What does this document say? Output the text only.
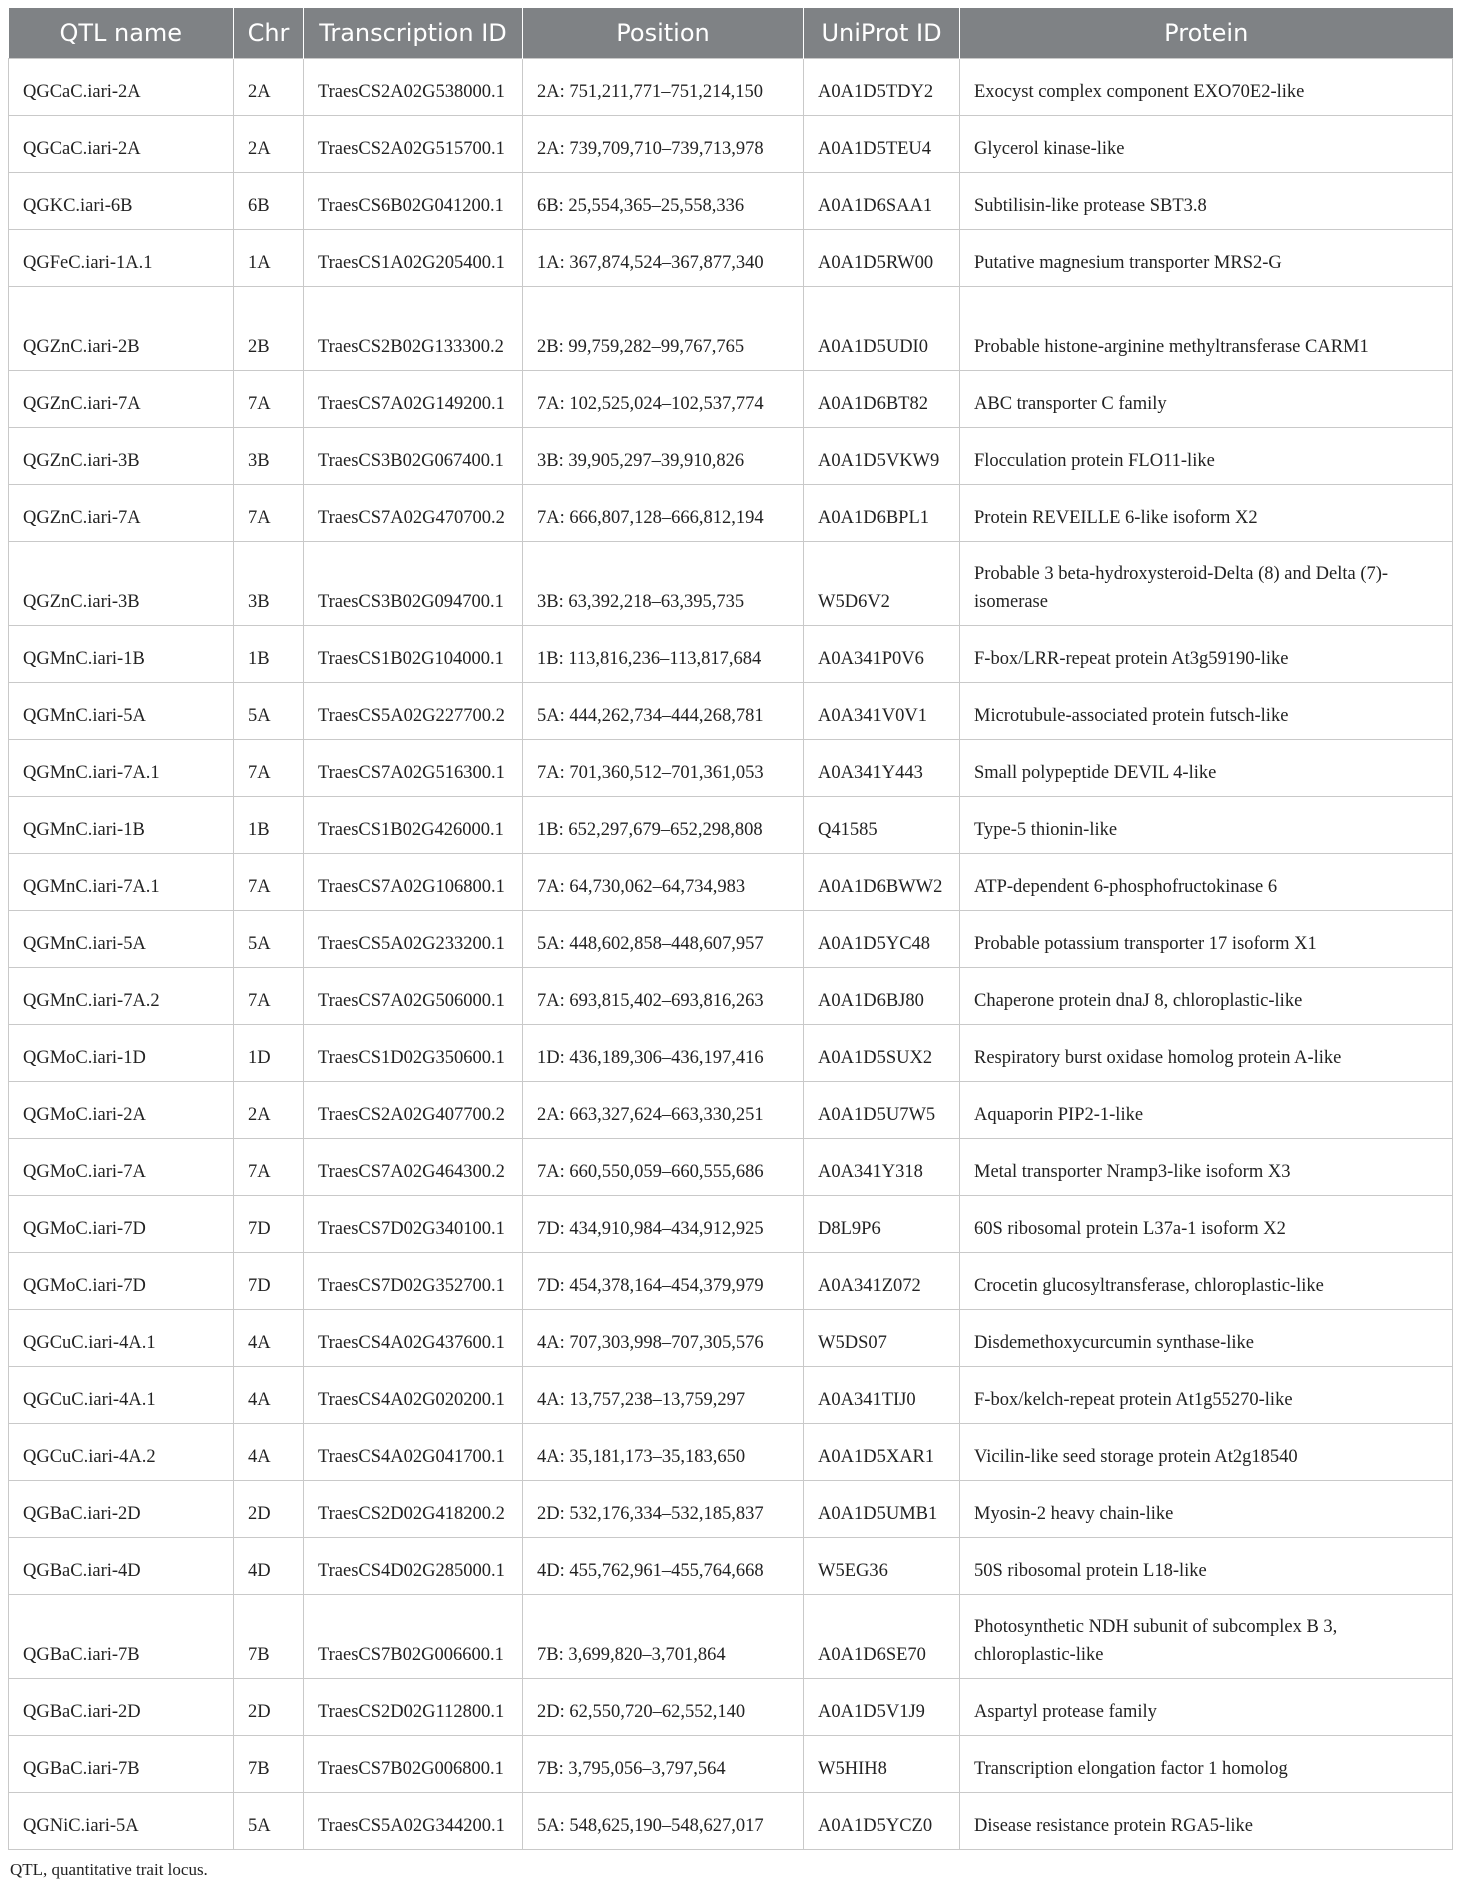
QTL name	Chr	Transcription ID	Position	UniProt ID	Protein
QGCaC.iari-2A	2A	TraesCS2A02G538000.1	2A: 751,211,771–751,214,150	A0A1D5TDY2	Exocyst complex component EXO70E2-like
QGCaC.iari-2A	2A	TraesCS2A02G515700.1	2A: 739,709,710–739,713,978	A0A1D5TEU4	Glycerol kinase-like
QGKC.iari-6B	6B	TraesCS6B02G041200.1	6B: 25,554,365–25,558,336	A0A1D6SAA1	Subtilisin-like protease SBT3.8
QGFeC.iari-1A.1	1A	TraesCS1A02G205400.1	1A: 367,874,524–367,877,340	A0A1D5RW00	Putative magnesium transporter MRS2-G
QGZnC.iari-2B	2B	TraesCS2B02G133300.2	2B: 99,759,282–99,767,765	A0A1D5UDI0	Probable histone-arginine methyltransferase CARM1
QGZnC.iari-7A	7A	TraesCS7A02G149200.1	7A: 102,525,024–102,537,774	A0A1D6BT82	ABC transporter C family
QGZnC.iari-3B	3B	TraesCS3B02G067400.1	3B: 39,905,297–39,910,826	A0A1D5VKW9	Flocculation protein FLO11-like
QGZnC.iari-7A	7A	TraesCS7A02G470700.2	7A: 666,807,128–666,812,194	A0A1D6BPL1	Protein REVEILLE 6-like isoform X2
QGZnC.iari-3B	3B	TraesCS3B02G094700.1	3B: 63,392,218–63,395,735	W5D6V2	Probable 3 beta-hydroxysteroid-Delta (8) and Delta (7)-isomerase
QGMnC.iari-1B	1B	TraesCS1B02G104000.1	1B: 113,816,236–113,817,684	A0A341P0V6	F-box/LRR-repeat protein At3g59190-like
QGMnC.iari-5A	5A	TraesCS5A02G227700.2	5A: 444,262,734–444,268,781	A0A341V0V1	Microtubule-associated protein futsch-like
QGMnC.iari-7A.1	7A	TraesCS7A02G516300.1	7A: 701,360,512–701,361,053	A0A341Y443	Small polypeptide DEVIL 4-like
QGMnC.iari-1B	1B	TraesCS1B02G426000.1	1B: 652,297,679–652,298,808	Q41585	Type-5 thionin-like
QGMnC.iari-7A.1	7A	TraesCS7A02G106800.1	7A: 64,730,062–64,734,983	A0A1D6BWW2	ATP-dependent 6-phosphofructokinase 6
QGMnC.iari-5A	5A	TraesCS5A02G233200.1	5A: 448,602,858–448,607,957	A0A1D5YC48	Probable potassium transporter 17 isoform X1
QGMnC.iari-7A.2	7A	TraesCS7A02G506000.1	7A: 693,815,402–693,816,263	A0A1D6BJ80	Chaperone protein dnaJ 8, chloroplastic-like
QGMoC.iari-1D	1D	TraesCS1D02G350600.1	1D: 436,189,306–436,197,416	A0A1D5SUX2	Respiratory burst oxidase homolog protein A-like
QGMoC.iari-2A	2A	TraesCS2A02G407700.2	2A: 663,327,624–663,330,251	A0A1D5U7W5	Aquaporin PIP2-1-like
QGMoC.iari-7A	7A	TraesCS7A02G464300.2	7A: 660,550,059–660,555,686	A0A341Y318	Metal transporter Nramp3-like isoform X3
QGMoC.iari-7D	7D	TraesCS7D02G340100.1	7D: 434,910,984–434,912,925	D8L9P6	60S ribosomal protein L37a-1 isoform X2
QGMoC.iari-7D	7D	TraesCS7D02G352700.1	7D: 454,378,164–454,379,979	A0A341Z072	Crocetin glucosyltransferase, chloroplastic-like
QGCuC.iari-4A.1	4A	TraesCS4A02G437600.1	4A: 707,303,998–707,305,576	W5DS07	Disdemethoxycurcumin synthase-like
QGCuC.iari-4A.1	4A	TraesCS4A02G020200.1	4A: 13,757,238–13,759,297	A0A341TIJ0	F-box/kelch-repeat protein At1g55270-like
QGCuC.iari-4A.2	4A	TraesCS4A02G041700.1	4A: 35,181,173–35,183,650	A0A1D5XAR1	Vicilin-like seed storage protein At2g18540
QGBaC.iari-2D	2D	TraesCS2D02G418200.2	2D: 532,176,334–532,185,837	A0A1D5UMB1	Myosin-2 heavy chain-like
QGBaC.iari-4D	4D	TraesCS4D02G285000.1	4D: 455,762,961–455,764,668	W5EG36	50S ribosomal protein L18-like
QGBaC.iari-7B	7B	TraesCS7B02G006600.1	7B: 3,699,820–3,701,864	A0A1D6SE70	Photosynthetic NDH subunit of subcomplex B 3, chloroplastic-like
QGBaC.iari-2D	2D	TraesCS2D02G112800.1	2D: 62,550,720–62,552,140	A0A1D5V1J9	Aspartyl protease family
QGBaC.iari-7B	7B	TraesCS7B02G006800.1	7B: 3,795,056–3,797,564	W5HIH8	Transcription elongation factor 1 homolog
QGNiC.iari-5A	5A	TraesCS5A02G344200.1	5A: 548,625,190–548,627,017	A0A1D5YCZ0	Disease resistance protein RGA5-like
QTL, quantitative trait locus.
